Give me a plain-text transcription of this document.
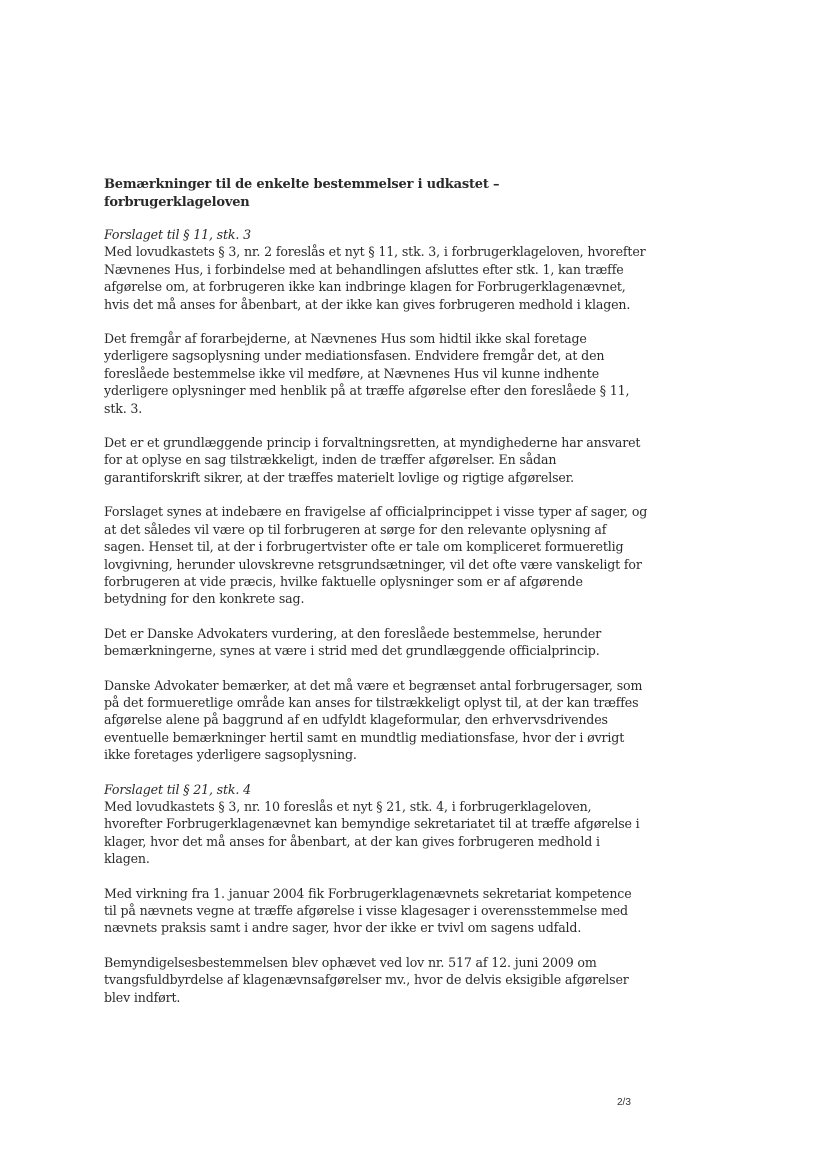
Bemærkninger til de enkelte bestemmelser i udkastet –
forbrugerklageloven
Forslaget til § 11, stk. 3

Med lovudkastets § 3, nr. 2 foreslås et nyt § 11, stk. 3, i forbrugerklageloven, hvorefter
Nævnenes Hus, i forbindelse med at behandlingen afsluttes efter stk. 1, kan træffe
afgørelse om, at forbrugeren ikke kan indbringe klagen for Forbrugerklagenævnet,
hvis det må anses for åbenbart, at der ikke kan gives forbrugeren medhold i klagen.

Det fremgår af forarbejderne, at Nævnenes Hus som hidtil ikke skal foretage
yderligere sagsoplysning under mediationsfasen. Endvidere fremgår det, at den
foreslåede bestemmelse ikke vil medføre, at Nævnenes Hus vil kunne indhente
yderligere oplysninger med henblik på at træffe afgørelse efter den foreslåede § 11,
stk. 3.

Det er et grundlæggende princip i forvaltningsretten, at myndighederne har ansvaret
for at oplyse en sag tilstrækkeligt, inden de træffer afgørelser. En sådan
garantiforskrift sikrer, at der træffes materielt lovlige og rigtige afgørelser.

Forslaget synes at indebære en fravigelse af officialprincippet i visse typer af sager, og
at det således vil være op til forbrugeren at sørge for den relevante oplysning af
sagen. Henset til, at der i forbrugertvister ofte er tale om kompliceret formueretlig
lovgivning, herunder ulovskrevne retsgrundsætninger, vil det ofte være vanskeligt for
forbrugeren at vide præcis, hvilke faktuelle oplysninger som er af afgørende
betydning for den konkrete sag.

Det er Danske Advokaters vurdering, at den foreslåede bestemmelse, herunder
bemærkningerne, synes at være i strid med det grundlæggende officialprincip.

Danske Advokater bemærker, at det må være et begrænset antal forbrugersager, som
på det formueretlige område kan anses for tilstrækkeligt oplyst til, at der kan træffes
afgørelse alene på baggrund af en udfyldt klageformular, den erhvervsdrivendes
eventuelle bemærkninger hertil samt en mundtlig mediationsfase, hvor der i øvrigt
ikke foretages yderligere sagsoplysning.

Forslaget til § 21, stk. 4

Med lovudkastets § 3, nr. 10 foreslås et nyt § 21, stk. 4, i forbrugerklageloven,
hvorefter Forbrugerklagenævnet kan bemyndige sekretariatet til at træffe afgørelse i
klager, hvor det må anses for åbenbart, at der kan gives forbrugeren medhold i
klagen.

Med virkning fra 1. januar 2004 fik Forbrugerklagenævnets sekretariat kompetence
til på nævnets vegne at træffe afgørelse i visse klagesager i overensstemmelse med
nævnets praksis samt i andre sager, hvor der ikke er tvivl om sagens udfald.

Bemyndigelsesbestemmelsen blev ophævet ved lov nr. 517 af 12. juni 2009 om
tvangsfuldbyrdelse af klagenævnsafgørelser mv., hvor de delvis eksigible afgørelser
blev indført.

2/3
